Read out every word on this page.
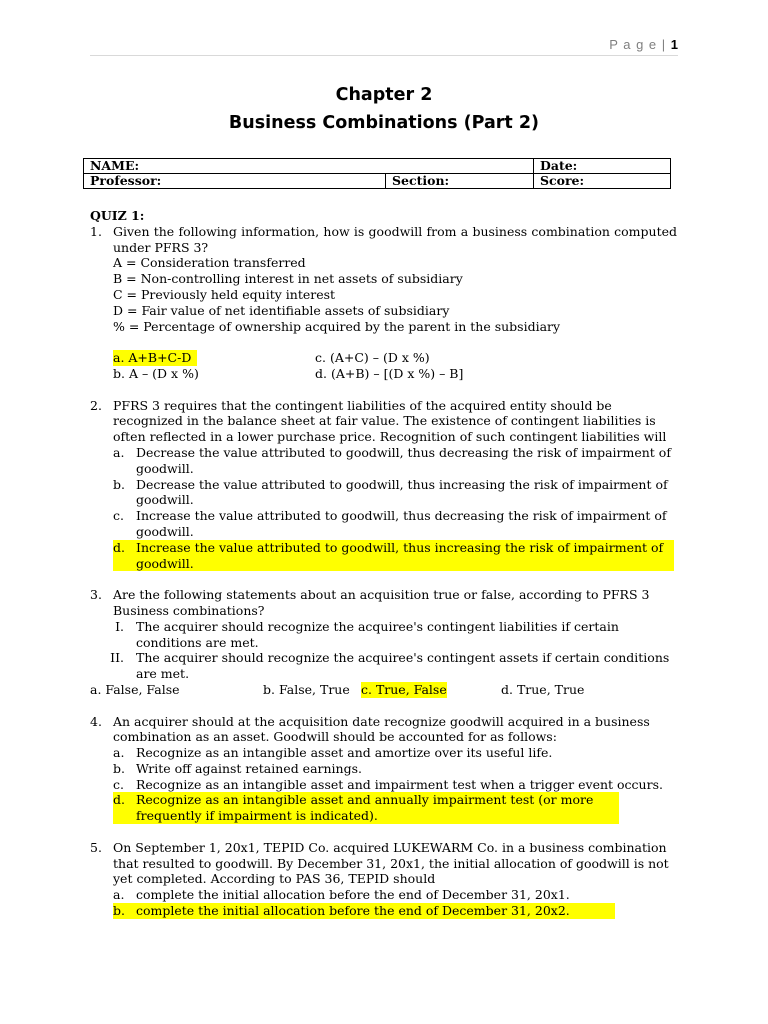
P a g e | 1
Chapter 2
Business Combinations (Part 2)
NAME:		Date:
Professor:	Section:	Score:

QUIZ 1:

1. Given the following information, how is goodwill from a business combination computed under PFRS 3?

A = Consideration transferred

B = Non-controlling interest in net assets of subsidiary

C = Previously held equity interest

D = Fair value of net identifiable assets of subsidiary

% = Percentage of ownership acquired by the parent in the subsidiary

a. A+B+C-D	c. (A+C) – (D x %)
b. A – (D x %)	d. (A+B) – [(D x %) – B]
2. PFRS 3 requires that the contingent liabilities of the acquired entity should be recognized in the balance sheet at fair value. The existence of contingent liabilities is often reflected in a lower purchase price. Recognition of such contingent liabilities will

a. Decrease the value attributed to goodwill, thus decreasing the risk of impairment of goodwill.
b. Decrease the value attributed to goodwill, thus increasing the risk of impairment of goodwill.
c. Increase the value attributed to goodwill, thus decreasing the risk of impairment of goodwill.
d. Increase the value attributed to goodwill, thus increasing the risk of impairment of goodwill.
3. Are the following statements about an acquisition true or false, according to PFRS 3 Business combinations?

I. The acquirer should recognize the acquiree's contingent liabilities if certain conditions are met.
II. The acquirer should recognize the acquiree's contingent assets if certain conditions are met.
a. False, False	b. False, True c. True, False	d. True, True
4. An acquirer should at the acquisition date recognize goodwill acquired in a business combination as an asset. Goodwill should be accounted for as follows:

a. Recognize as an intangible asset and amortize over its useful life.
b. Write off against retained earnings.
c. Recognize as an intangible asset and impairment test when a trigger event occurs.
d. Recognize as an intangible asset and annually impairment test (or more frequently if impairment is indicated).
5. On September 1, 20x1, TEPID Co. acquired LUKEWARM Co. in a business combination that resulted to goodwill. By December 31, 20x1, the initial allocation of goodwill is not yet completed. According to PAS 36, TEPID should

a. complete the initial allocation before the end of December 31, 20x1.
b. complete the initial allocation before the end of December 31, 20x2.
